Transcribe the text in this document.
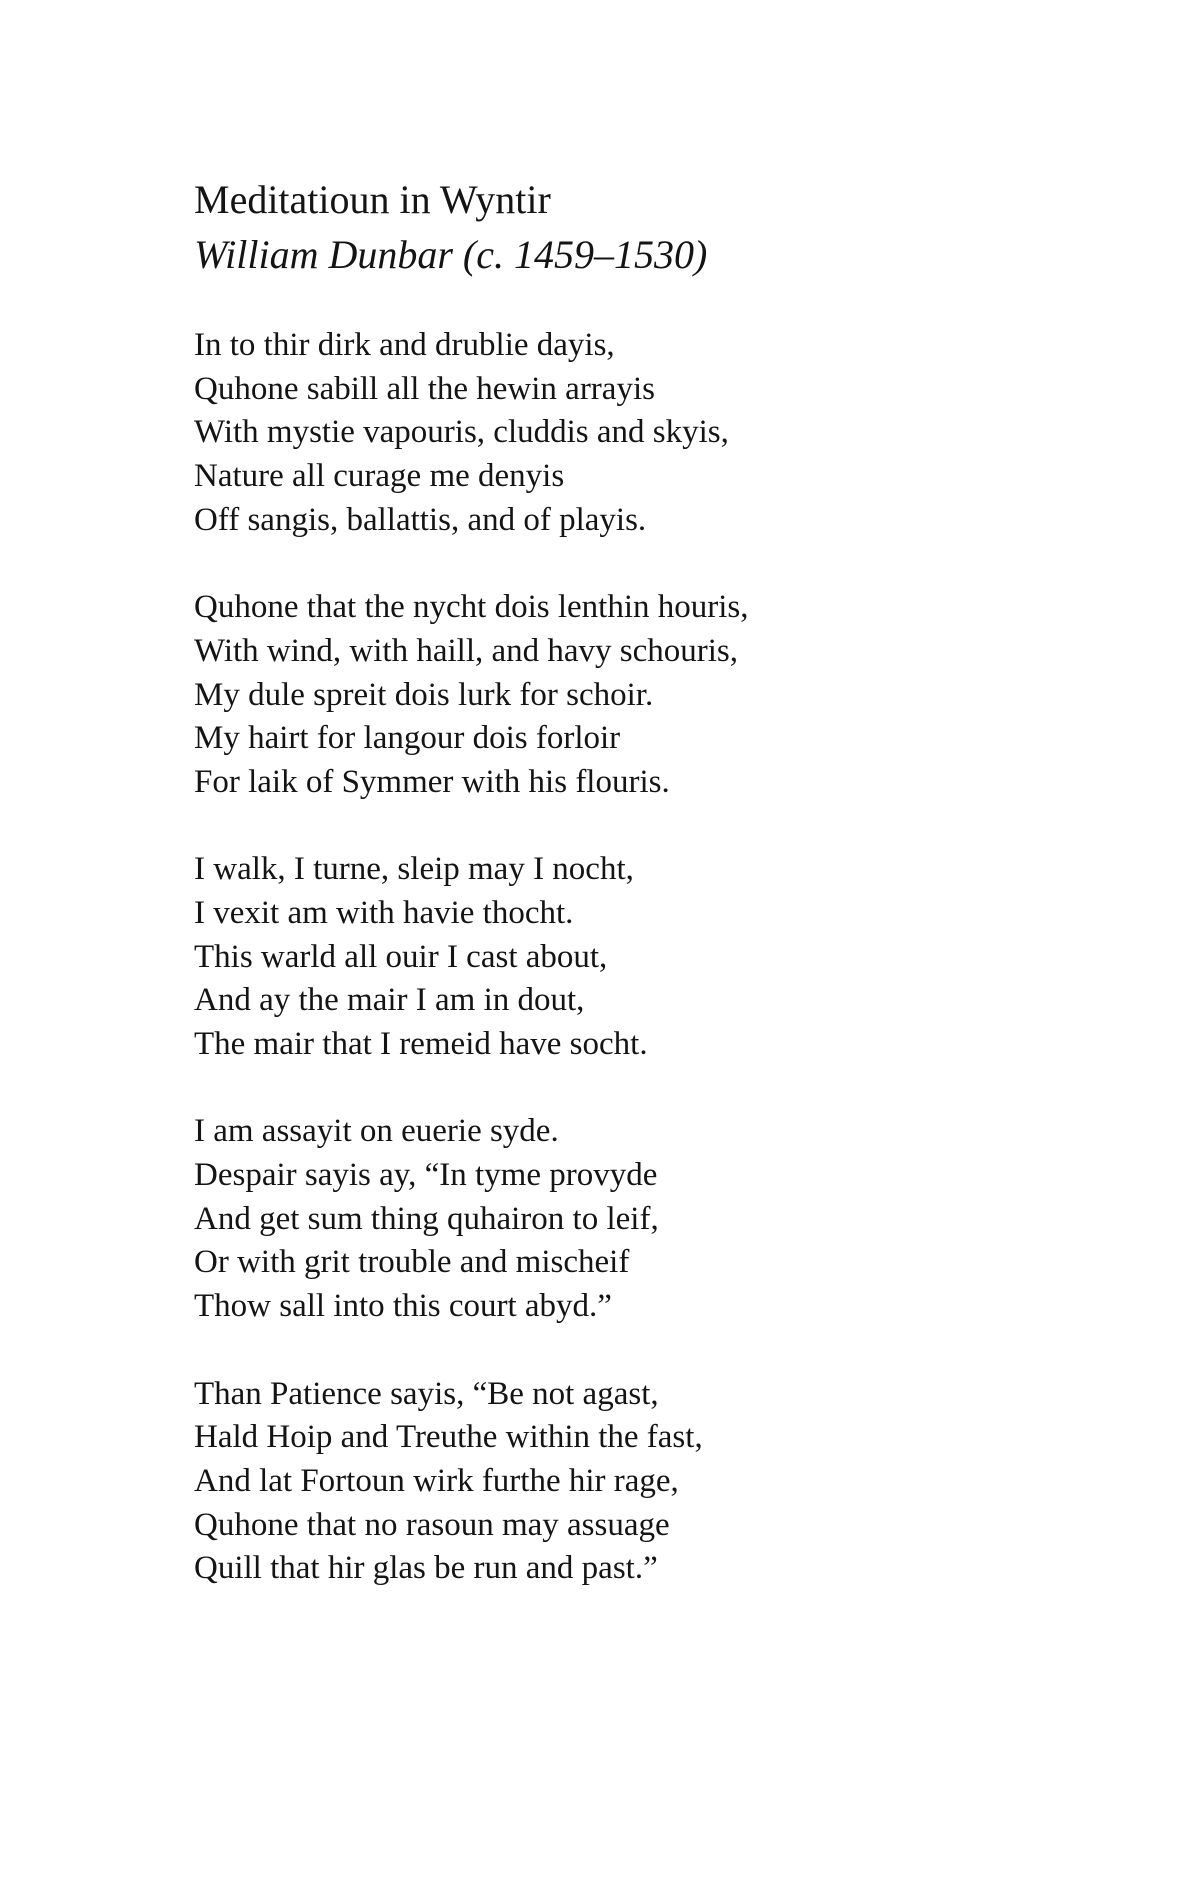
Meditatioun in Wyntir
William Dunbar (c. 1459–1530)
In to thir dirk and drublie dayis,
Quhone sabill all the hewin arrayis
With mystie vapouris, cluddis and skyis,
Nature all curage me denyis
Off sangis, ballattis, and of playis.
Quhone that the nycht dois lenthin houris,
With wind, with haill, and havy schouris,
My dule spreit dois lurk for schoir.
My hairt for langour dois forloir
For laik of Symmer with his flouris.
I walk, I turne, sleip may I nocht,
I vexit am with havie thocht.
This warld all ouir I cast about,
And ay the mair I am in dout,
The mair that I remeid have socht.
I am assayit on euerie syde.
Despair sayis ay, “In tyme provyde
And get sum thing quhairon to leif,
Or with grit trouble and mischeif
Thow sall into this court abyd.”
Than Patience sayis, “Be not agast,
Hald Hoip and Treuthe within the fast,
And lat Fortoun wirk furthe hir rage,
Quhone that no rasoun may assuage
Quill that hir glas be run and past.”
